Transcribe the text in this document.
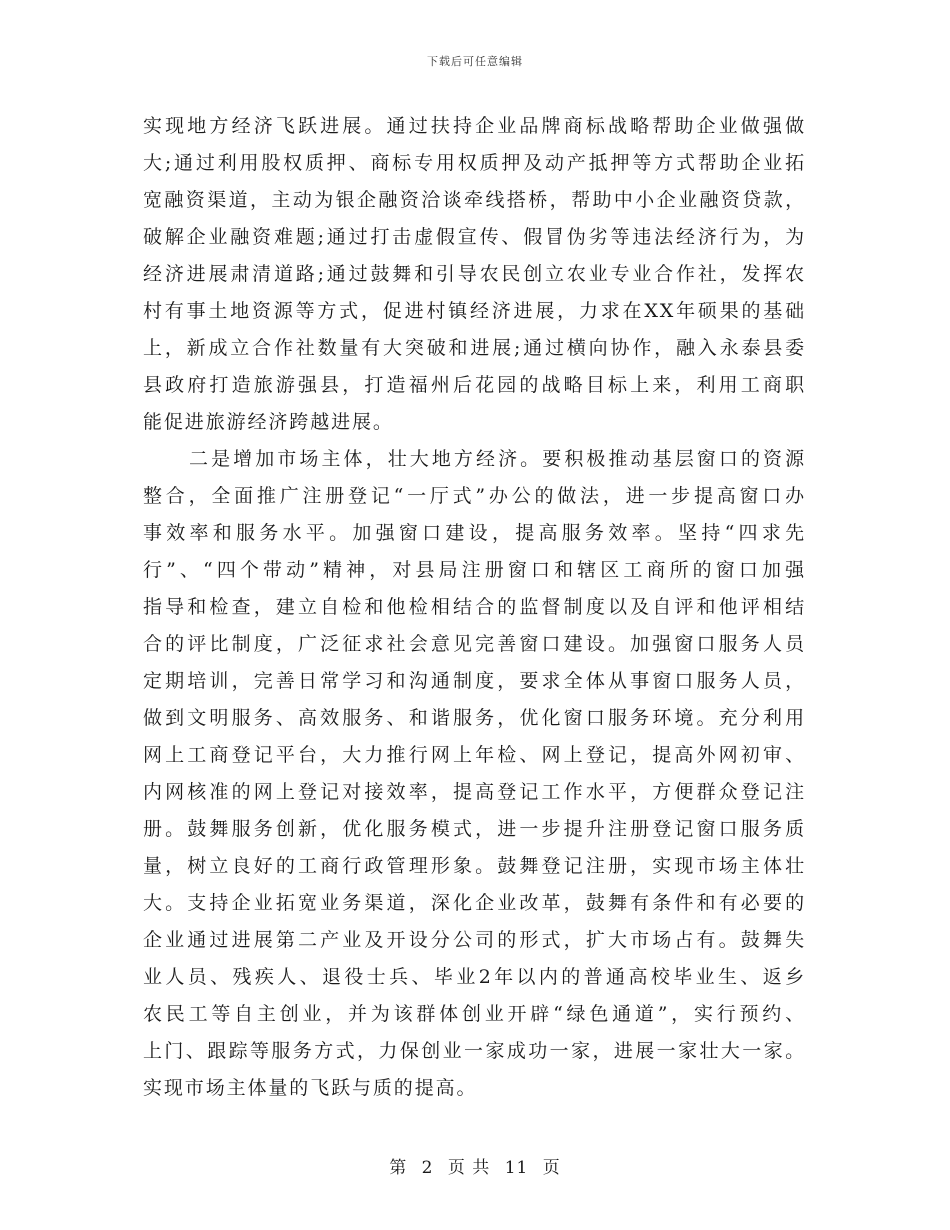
下载后可任意编辑
实现地方经济飞跃进展。通过扶持企业品牌商标战略帮助企业做强做
大;通过利用股权质押、商标专用权质押及动产抵押等方式帮助企业拓
宽融资渠道，主动为银企融资洽谈牵线搭桥，帮助中小企业融资贷款，
破解企业融资难题;通过打击虚假宣传、假冒伪劣等违法经济行为，为
经济进展肃清道路;通过鼓舞和引导农民创立农业专业合作社，发挥农
村有事土地资源等方式，促进村镇经济进展，力求在XX年硕果的基础
上，新成立合作社数量有大突破和进展;通过横向协作，融入永泰县委
县政府打造旅游强县，打造福州后花园的战略目标上来，利用工商职
能促进旅游经济跨越进展。
二是增加市场主体，壮大地方经济。要积极推动基层窗口的资源
整合，全面推广注册登记“一厅式”办公的做法，进一步提高窗口办
事效率和服务水平。加强窗口建设，提高服务效率。坚持“四求先
行”、“四个带动”精神，对县局注册窗口和辖区工商所的窗口加强
指导和检查，建立自检和他检相结合的监督制度以及自评和他评相结
合的评比制度，广泛征求社会意见完善窗口建设。加强窗口服务人员
定期培训，完善日常学习和沟通制度，要求全体从事窗口服务人员，
做到文明服务、高效服务、和谐服务，优化窗口服务环境。充分利用
网上工商登记平台，大力推行网上年检、网上登记，提高外网初审、
内网核准的网上登记对接效率，提高登记工作水平，方便群众登记注
册。鼓舞服务创新，优化服务模式，进一步提升注册登记窗口服务质
量，树立良好的工商行政管理形象。鼓舞登记注册，实现市场主体壮
大。支持企业拓宽业务渠道，深化企业改革，鼓舞有条件和有必要的
企业通过进展第二产业及开设分公司的形式，扩大市场占有。鼓舞失
业人员、残疾人、退役士兵、毕业2年以内的普通高校毕业生、返乡
农民工等自主创业，并为该群体创业开辟“绿色通道”，实行预约、
上门、跟踪等服务方式，力保创业一家成功一家，进展一家壮大一家。
实现市场主体量的飞跃与质的提高。
第 2 页 共 11 页
